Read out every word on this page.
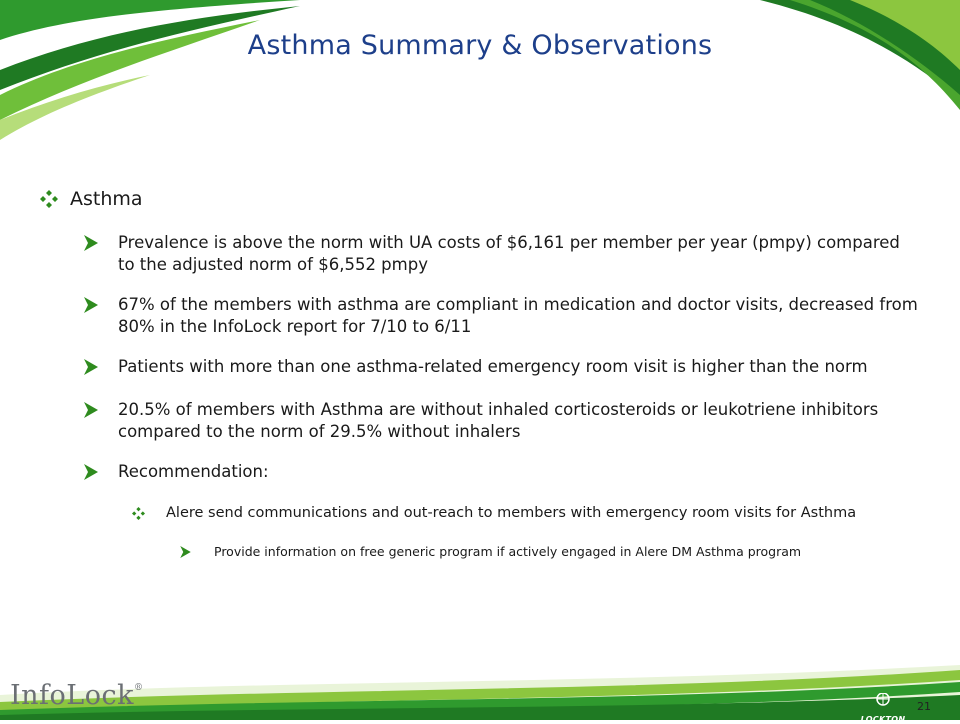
Asthma Summary & Observations
Asthma
Prevalence is above the norm with UA costs of $6,161 per member per year (pmpy) compared to the adjusted norm of $6,552 pmpy
67% of the members with asthma are compliant in medication and doctor visits, decreased from 80% in the InfoLock report for 7/10 to 6/11
Patients with more than one asthma-related emergency room visit is higher than the norm
20.5% of members with Asthma are without inhaled corticosteroids or leukotriene inhibitors compared to the norm of 29.5% without inhalers
Recommendation:
Alere send communications and out-reach to members with emergency room visits for Asthma
Provide information on free generic program if actively engaged in Alere DM Asthma program
InfoLock®
LOCKTON
21
